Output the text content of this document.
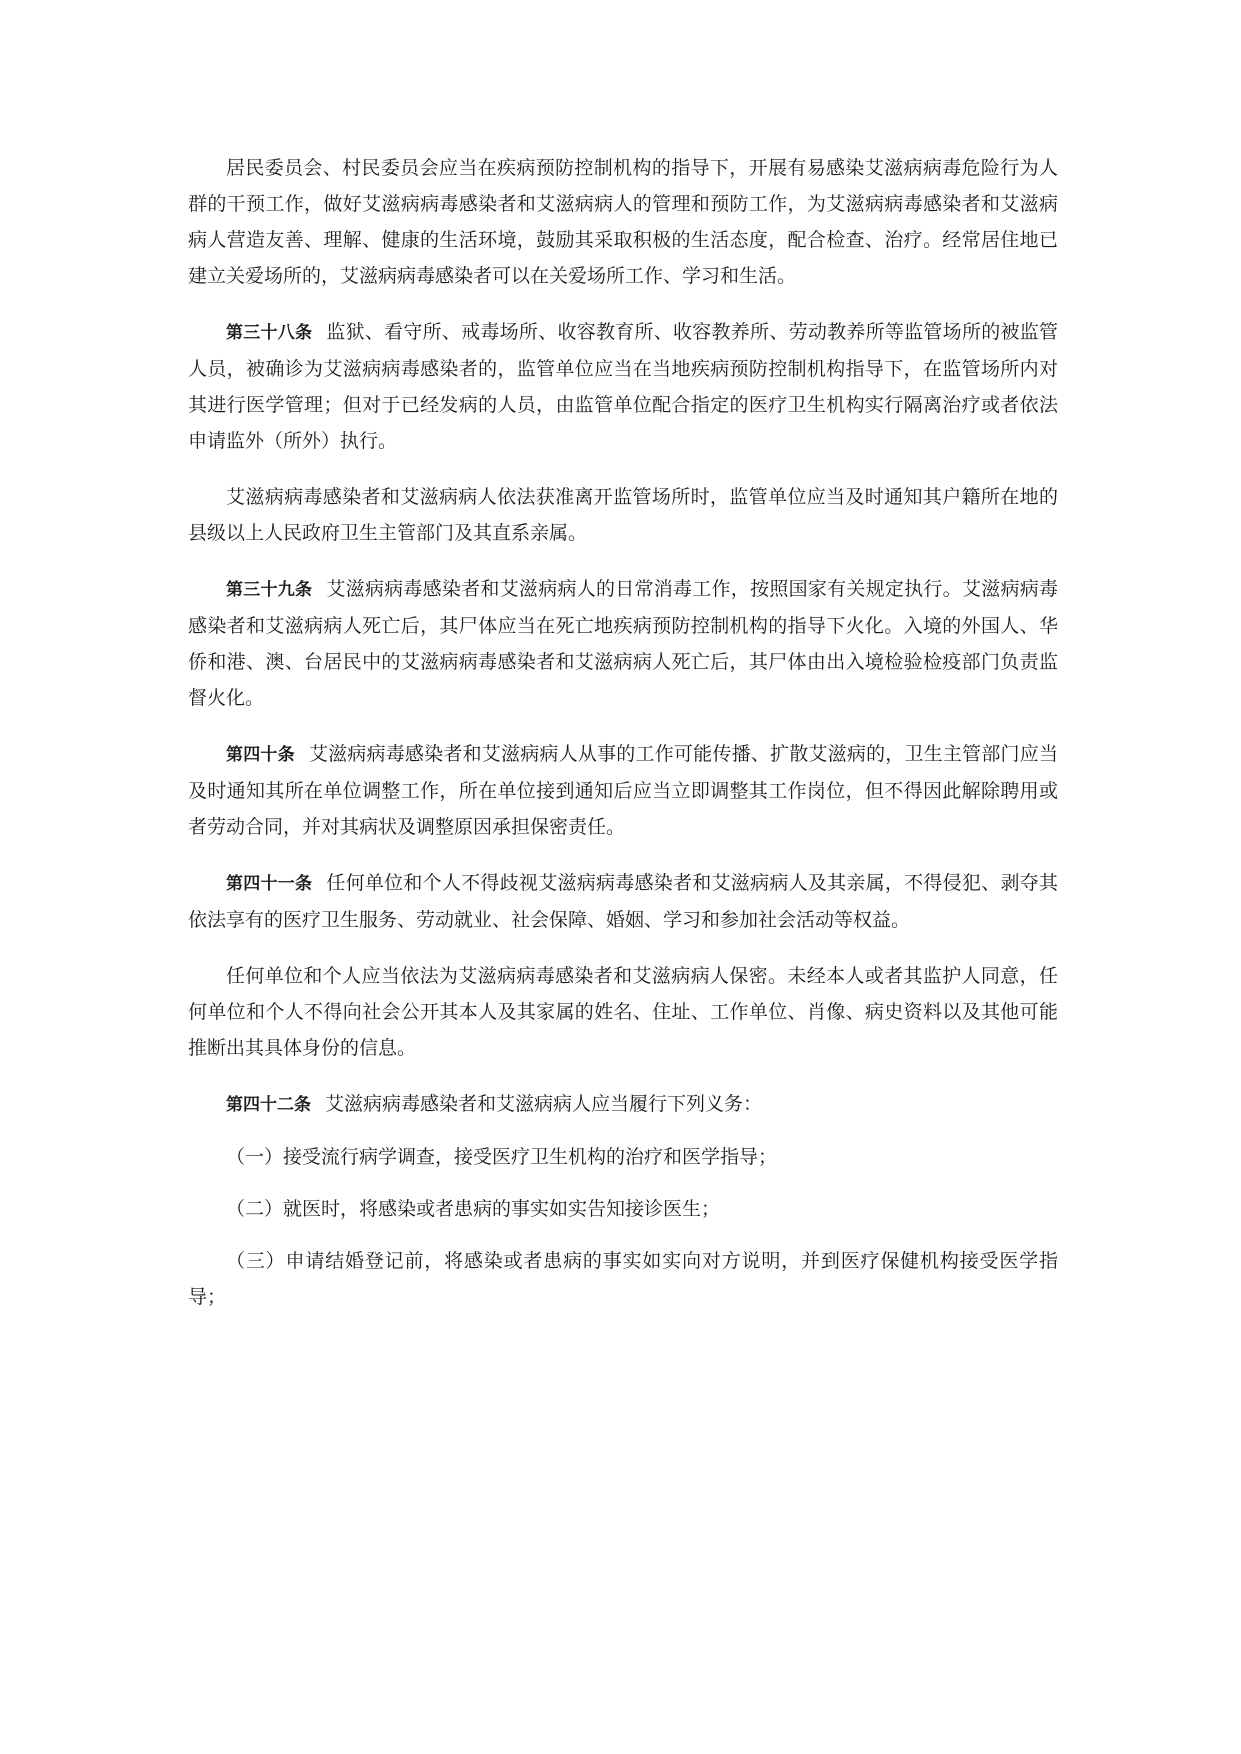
居民委员会、村民委员会应当在疾病预防控制机构的指导下，开展有易感染艾滋病病毒危险行为人群的干预工作，做好艾滋病病毒感染者和艾滋病病人的管理和预防工作，为艾滋病病毒感染者和艾滋病病人营造友善、理解、健康的生活环境，鼓励其采取积极的生活态度，配合检查、治疗。经常居住地已建立关爱场所的，艾滋病病毒感染者可以在关爱场所工作、学习和生活。

第三十八条 监狱、看守所、戒毒场所、收容教育所、收容教养所、劳动教养所等监管场所的被监管人员，被确诊为艾滋病病毒感染者的，监管单位应当在当地疾病预防控制机构指导下，在监管场所内对其进行医学管理；但对于已经发病的人员，由监管单位配合指定的医疗卫生机构实行隔离治疗或者依法申请监外（所外）执行。

艾滋病病毒感染者和艾滋病病人依法获准离开监管场所时，监管单位应当及时通知其户籍所在地的县级以上人民政府卫生主管部门及其直系亲属。

第三十九条 艾滋病病毒感染者和艾滋病病人的日常消毒工作，按照国家有关规定执行。艾滋病病毒感染者和艾滋病病人死亡后，其尸体应当在死亡地疾病预防控制机构的指导下火化。入境的外国人、华侨和港、澳、台居民中的艾滋病病毒感染者和艾滋病病人死亡后，其尸体由出入境检验检疫部门负责监督火化。

第四十条 艾滋病病毒感染者和艾滋病病人从事的工作可能传播、扩散艾滋病的，卫生主管部门应当及时通知其所在单位调整工作，所在单位接到通知后应当立即调整其工作岗位，但不得因此解除聘用或者劳动合同，并对其病状及调整原因承担保密责任。

第四十一条 任何单位和个人不得歧视艾滋病病毒感染者和艾滋病病人及其亲属，不得侵犯、剥夺其依法享有的医疗卫生服务、劳动就业、社会保障、婚姻、学习和参加社会活动等权益。

任何单位和个人应当依法为艾滋病病毒感染者和艾滋病病人保密。未经本人或者其监护人同意，任何单位和个人不得向社会公开其本人及其家属的姓名、住址、工作单位、肖像、病史资料以及其他可能推断出其具体身份的信息。

第四十二条 艾滋病病毒感染者和艾滋病病人应当履行下列义务：

（一）接受流行病学调查，接受医疗卫生机构的治疗和医学指导；

（二）就医时，将感染或者患病的事实如实告知接诊医生；

（三）申请结婚登记前，将感染或者患病的事实如实向对方说明，并到医疗保健机构接受医学指导；
